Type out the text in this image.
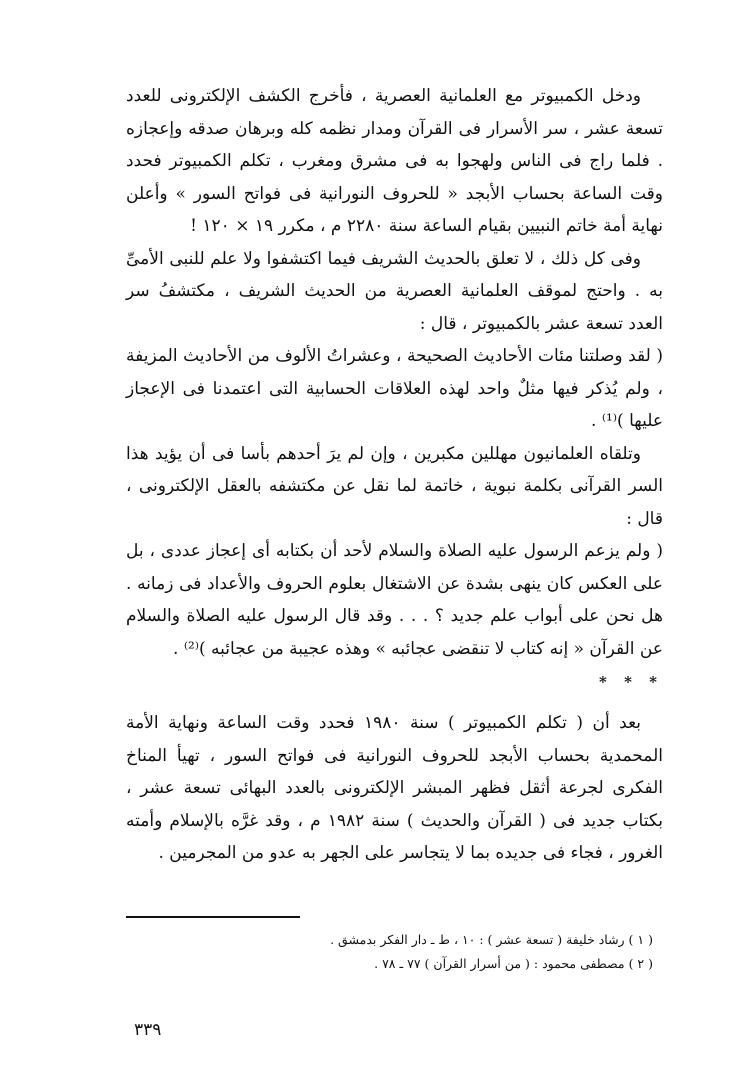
ودخل الكمبيوتر مع العلمانية العصرية ، فأخرج الكشف الإلكترونى للعدد تسعة عشر ، سر الأسرار فى القرآن ومدار نظمه كله وبرهان صدقه وإعجازه . فلما راج فى الناس ولهجوا به فى مشرق ومغرب ، تكلم الكمبيوتر فحدد وقت الساعة بحساب الأبجد « للحروف النورانية فى فواتح السور » وأعلن نهاية أمة خاتم النبيين بقيام الساعة سنة ٢٢٨٠ م ، مكرر ١٩ × ١٢٠ !

وفى كل ذلك ، لا تعلق بالحديث الشريف فيما اكتشفوا ولا علم للنبى الأمىِّ به . واحتج لموقف العلمانية العصرية من الحديث الشريف ، مكتشفُ سر العدد تسعة عشر بالكمبيوتر ، قال :

( لقد وصلتنا مئات الأحاديث الصحيحة ، وعشراتُ الألوف من الأحاديث المزيفة ، ولم يُذكر فيها مثلٌ واحد لهذه العلاقات الحسابية التى اعتمدنا فى الإعجاز عليها )⁽¹⁾ .

وتلقاه العلمانيون مهللين مكبرين ، وإن لم يرَ أحدهم بأسا فى أن يؤيد هذا السر القرآنى بكلمة نبوية ، خاتمة لما نقل عن مكتشفه بالعقل الإلكترونى ، قال :

( ولم يزعم الرسول عليه الصلاة والسلام لأحد أن بكتابه أى إعجاز عددى ، بل على العكس كان ينهى بشدة عن الاشتغال بعلوم الحروف والأعداد فى زمانه . هل نحن على أبواب علم جديد ؟ . . . وقد قال الرسول عليه الصلاة والسلام عن القرآن « إنه كتاب لا تنقضى عجائبه » وهذه عجيبة من عجائبه )⁽²⁾ .

* * *

بعد أن ( تكلم الكمبيوتر ) سنة ١٩٨٠ فحدد وقت الساعة ونهاية الأمة المحمدية بحساب الأبجد للحروف النورانية فى فواتح السور ، تهيأ المناخ الفكرى لجرعة أثقل فظهر المبشر الإلكترونى بالعدد البهائى تسعة عشر ، بكتاب جديد فى ( القرآن والحديث ) سنة ١٩٨٢ م ، وقد غرَّه بالإسلام وأمته الغرور ، فجاء فى جديده بما لا يتجاسر على الجهر به عدو من المجرمين .

( ١ ) رشاد خليفة ( تسعة عشر ) : ١٠ ، ط ـ دار الفكر بدمشق .

( ٢ ) مصطفى محمود : ( من أسرار القرآن ) ٧٧ ـ ٧٨ .

٣٣٩
